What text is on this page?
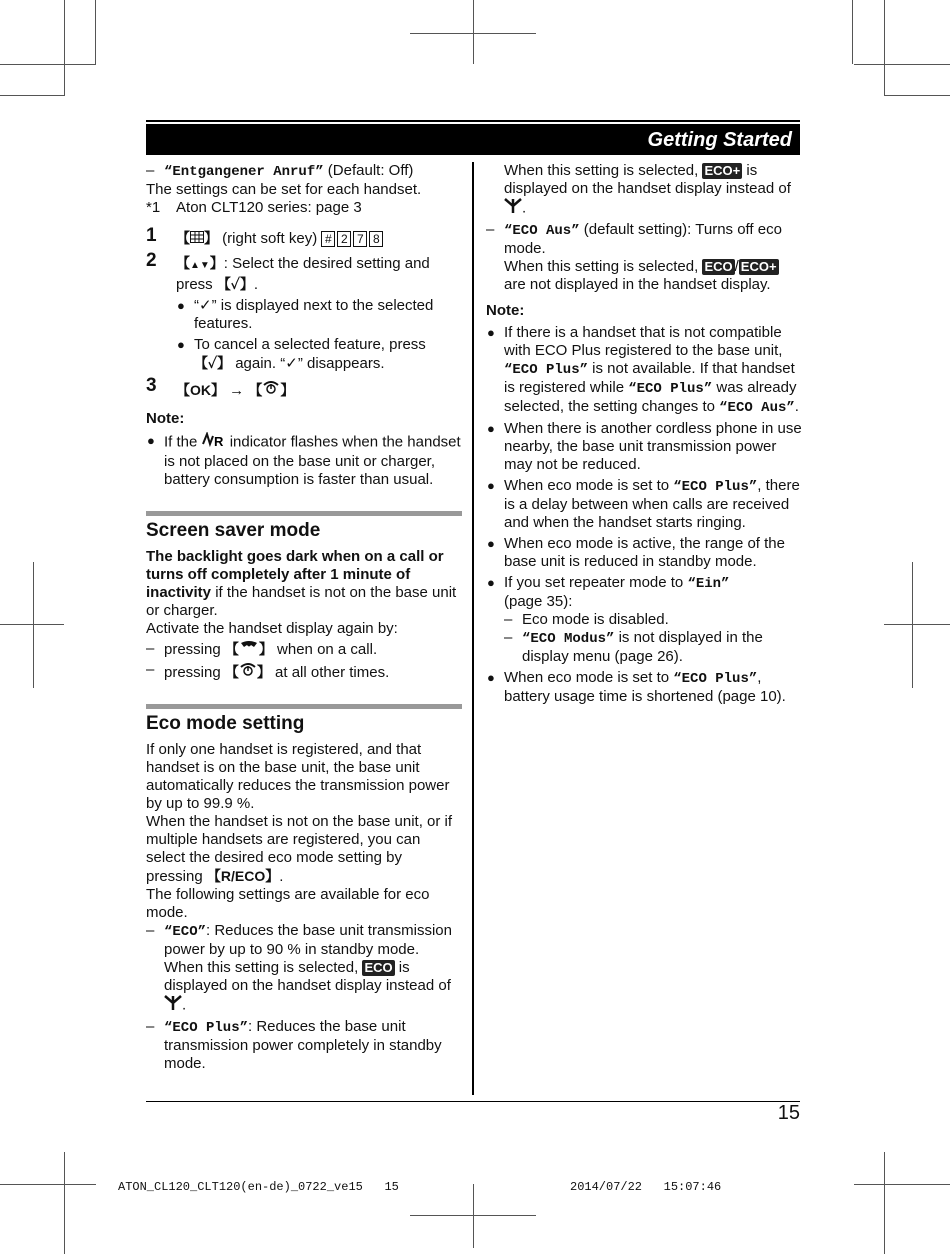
Getting Started

– “Entgangener Anruf” (Default: Off)

The settings can be set for each handset.

*1    Aton CLT120 series: page 3

1 【 】 (right soft key) # 2 7 8
2 【▲▼】: Select the desired setting and press 【✓】.

● “✓” is displayed next to the selected features.

● To cancel a selected feature, press 【✓】 again. “✓” disappears.

3 【OK】 → 【 】

Note:

● If the R indicator flashes when the handset is not placed on the base unit or charger, battery consumption is faster than usual.

Screen saver mode

The backlight goes dark when on a call or turns off completely after 1 minute of inactivity if the handset is not on the base unit or charger.

Activate the handset display again by:

– pressing 【 】 when on a call.

– pressing 【 】 at all other times.

Eco mode setting

If only one handset is registered, and that handset is on the base unit, the base unit automatically reduces the transmission power by up to 99.9 %.

When the handset is not on the base unit, or if multiple handsets are registered, you can select the desired eco mode setting by pressing 【R/ECO】.

The following settings are available for eco mode.

– “ECO”: Reduces the base unit transmission power by up to 90 % in standby mode.
When this setting is selected, ECO is displayed on the handset display instead of
.

– “ECO Plus”: Reduces the base unit transmission power completely in standby mode.

When this setting is selected, ECO+ is displayed on the handset display instead of
.

– “ECO Aus” (default setting): Turns off eco mode.
When this setting is selected, ECO / ECO+ are not displayed in the handset display.

Note:

● If there is a handset that is not compatible with ECO Plus registered to the base unit, “ECO Plus” is not available. If that handset is registered while “ECO Plus” was already selected, the setting changes to “ECO Aus”.

● When there is another cordless phone in use nearby, the base unit transmission power may not be reduced.

● When eco mode is set to “ECO Plus”, there is a delay between when calls are received and when the handset starts ringing.

● When eco mode is active, the range of the base unit is reduced in standby mode.

● If you set repeater mode to “Ein”
(page 35):

– Eco mode is disabled.

– “ECO Modus” is not displayed in the display menu (page 26).

● When eco mode is set to “ECO Plus”, battery usage time is shortened (page 10).

15
ATON_CL120_CLT120(en-de)_0722_ve15   15	2014/07/22   15:07:46
